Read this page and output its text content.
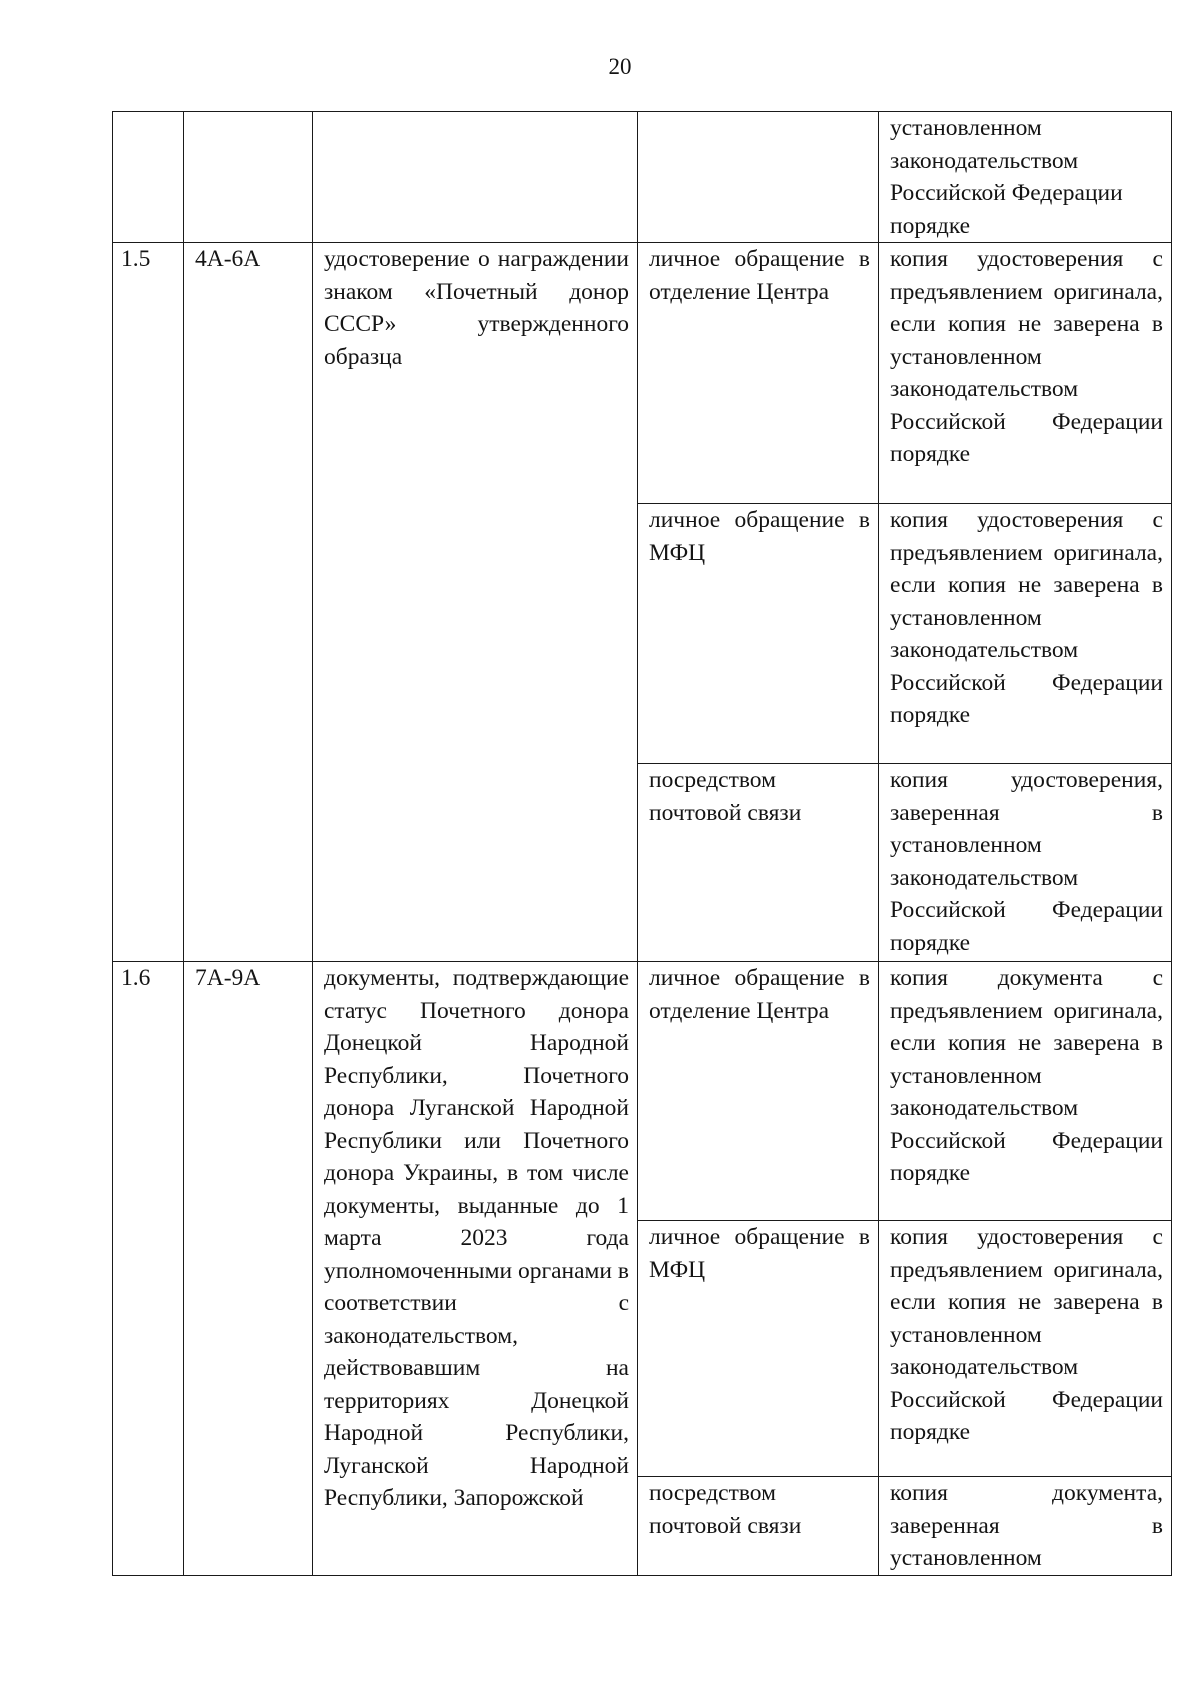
20

				установленном законодательством Российской Федерации порядке

1.5	4А-6А	удостоверение о награждении знаком «Почетный донор СССР» утвержденного образца	личное обращение в отделение Центра	копия удостоверения с предъявлением оригинала, если копия не заверена в установленном законодательством Российской Федерации порядке

			личное обращение в МФЦ	копия удостоверения с предъявлением оригинала, если копия не заверена в установленном законодательством Российской Федерации порядке

			посредством почтовой связи	копия удостоверения, заверенная в установленном законодательством Российской Федерации порядке

1.6	7А-9А	документы, подтверждающие статус Почетного донора Донецкой Народной Республики, Почетного донора Луганской Народной Республики или Почетного донора Украины, в том числе документы, выданные до 1 марта 2023 года уполномоченными органами в соответствии с законодательством, действовавшим на территориях Донецкой Народной Республики, Луганской Народной Республики, Запорожской	личное обращение в отделение Центра	копия документа с предъявлением оригинала, если копия не заверена в установленном законодательством Российской Федерации порядке

			личное обращение в МФЦ	копия удостоверения с предъявлением оригинала, если копия не заверена в установленном законодательством Российской Федерации порядке

			посредством почтовой связи	копия документа, заверенная в установленном
